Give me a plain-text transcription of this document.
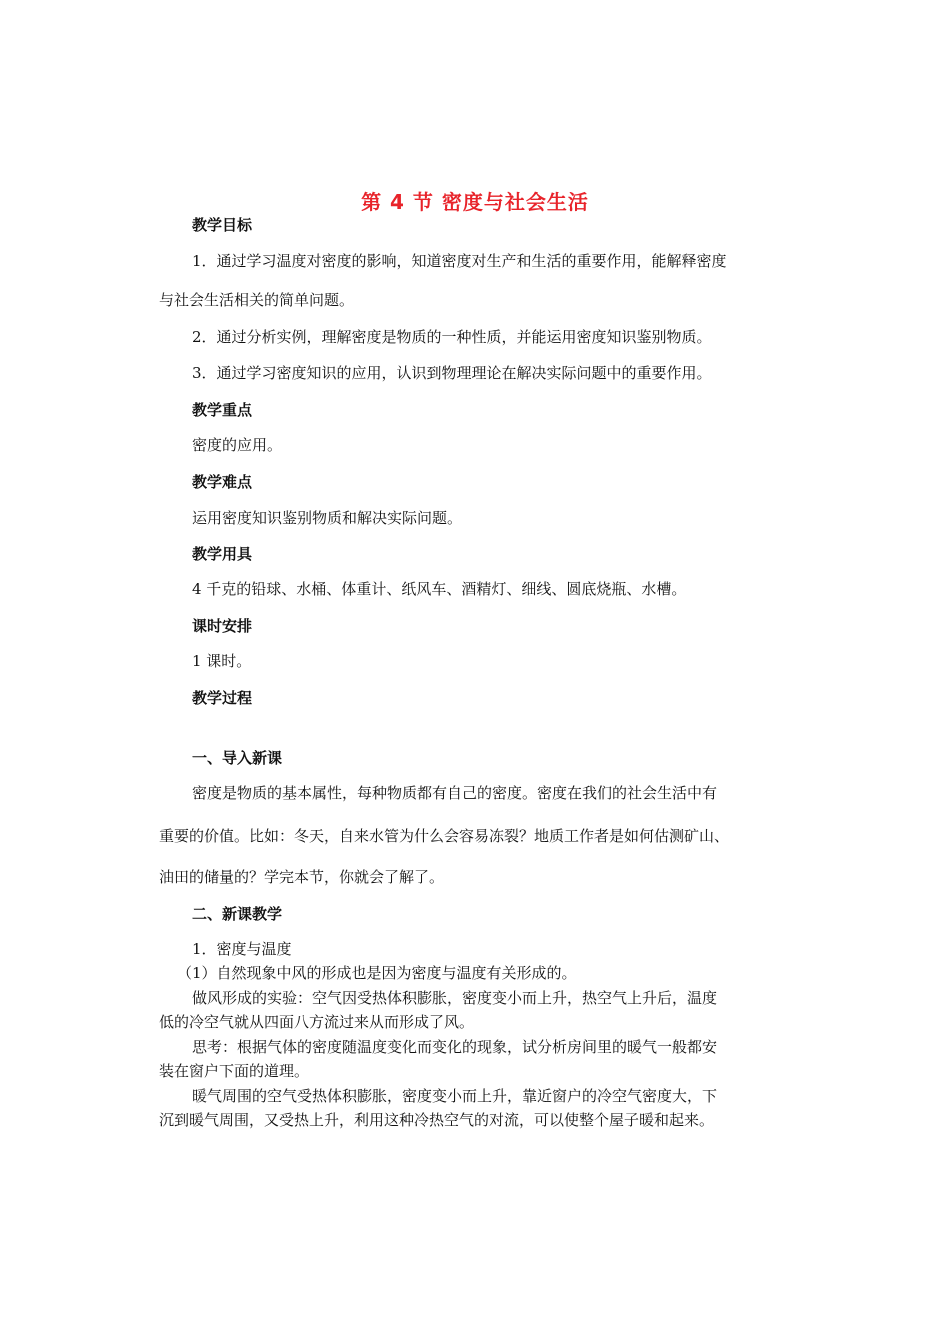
第 4 节 密度与社会生活
教学目标
1．通过学习温度对密度的影响，知道密度对生产和生活的重要作用，能解释密度
与社会生活相关的简单问题。
2．通过分析实例，理解密度是物质的一种性质，并能运用密度知识鉴别物质。
3．通过学习密度知识的应用，认识到物理理论在解决实际问题中的重要作用。
教学重点
密度的应用。
教学难点
运用密度知识鉴别物质和解决实际问题。
教学用具
4 千克的铅球、水桶、体重计、纸风车、酒精灯、细线、圆底烧瓶、水槽。
课时安排
1 课时。
教学过程
一、导入新课
密度是物质的基本属性，每种物质都有自己的密度。密度在我们的社会生活中有
重要的价值。比如：冬天，自来水管为什么会容易冻裂？地质工作者是如何估测矿山、
油田的储量的？学完本节，你就会了解了。
二、新课教学
1．密度与温度
（1）自然现象中风的形成也是因为密度与温度有关形成的。
做风形成的实验：空气因受热体积膨胀，密度变小而上升，热空气上升后，温度
低的冷空气就从四面八方流过来从而形成了风。
思考：根据气体的密度随温度变化而变化的现象，试分析房间里的暖气一般都安
装在窗户下面的道理。
暖气周围的空气受热体积膨胀，密度变小而上升，靠近窗户的冷空气密度大，下
沉到暖气周围，又受热上升，利用这种冷热空气的对流，可以使整个屋子暖和起来。
